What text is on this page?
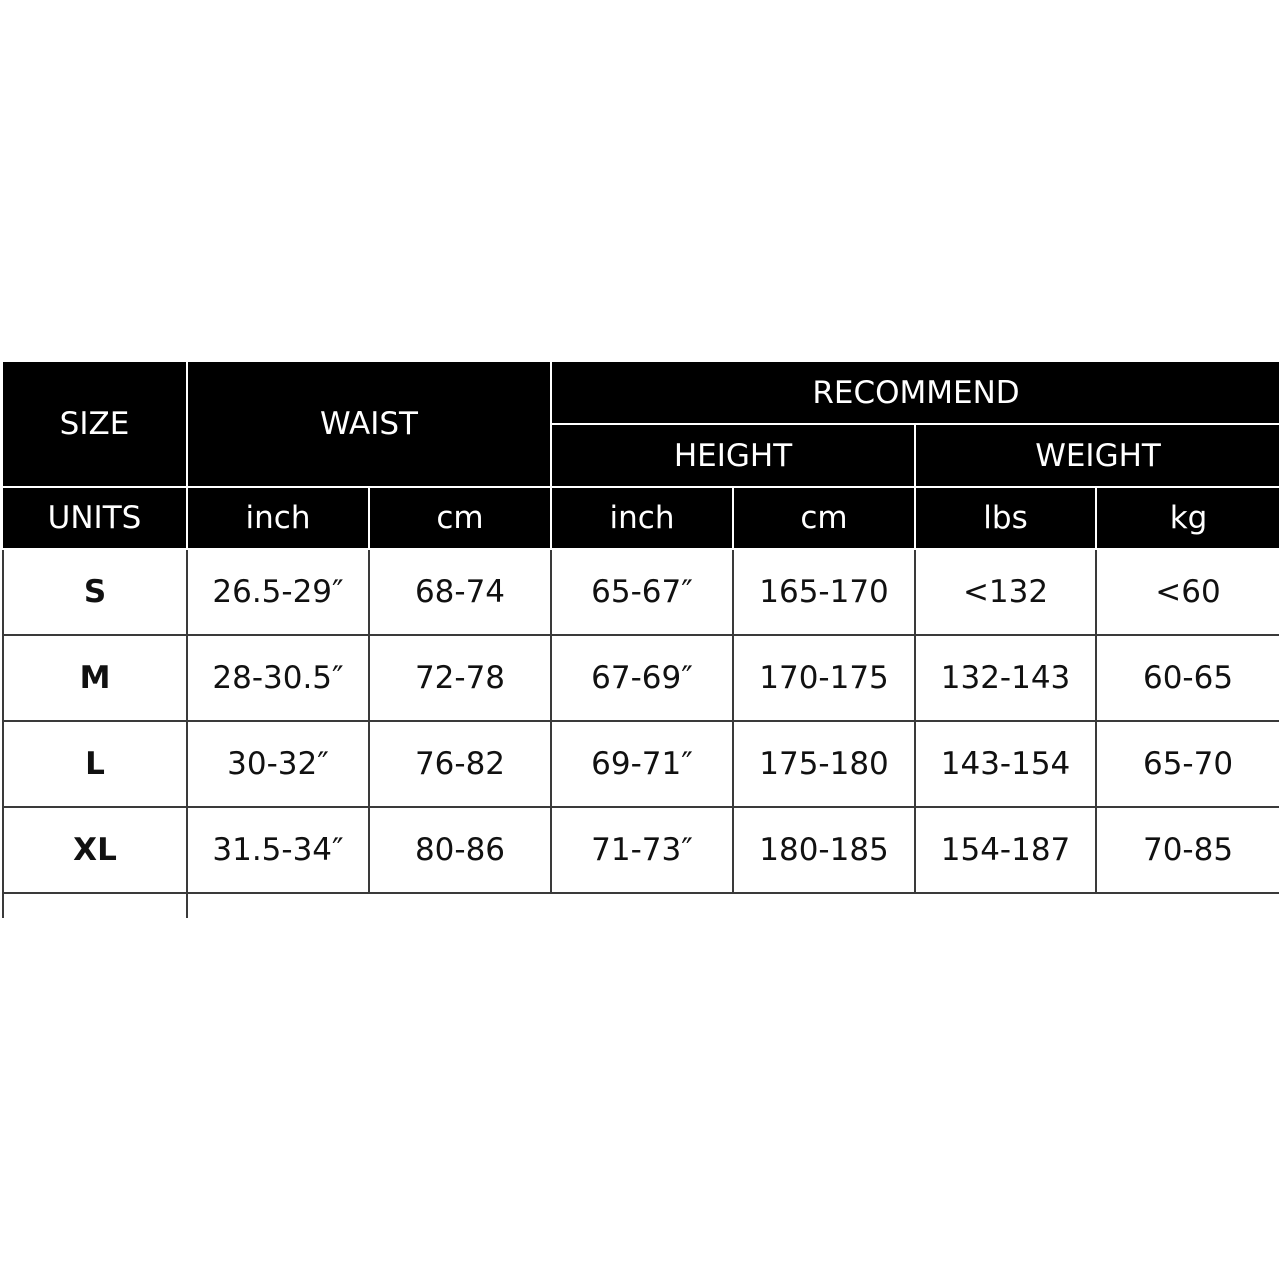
SIZE	WAIST		RECOMMEND			
			HEIGHT		WEIGHT	
UNITS	inch	cm	inch	cm	lbs	kg
S	26.5-29″	68-74	65-67″	165-170	<132	<60
M	28-30.5″	72-78	67-69″	170-175	132-143	60-65
L	30-32″	76-82	69-71″	175-180	143-154	65-70
XL	31.5-34″	80-86	71-73″	180-185	154-187	70-85
